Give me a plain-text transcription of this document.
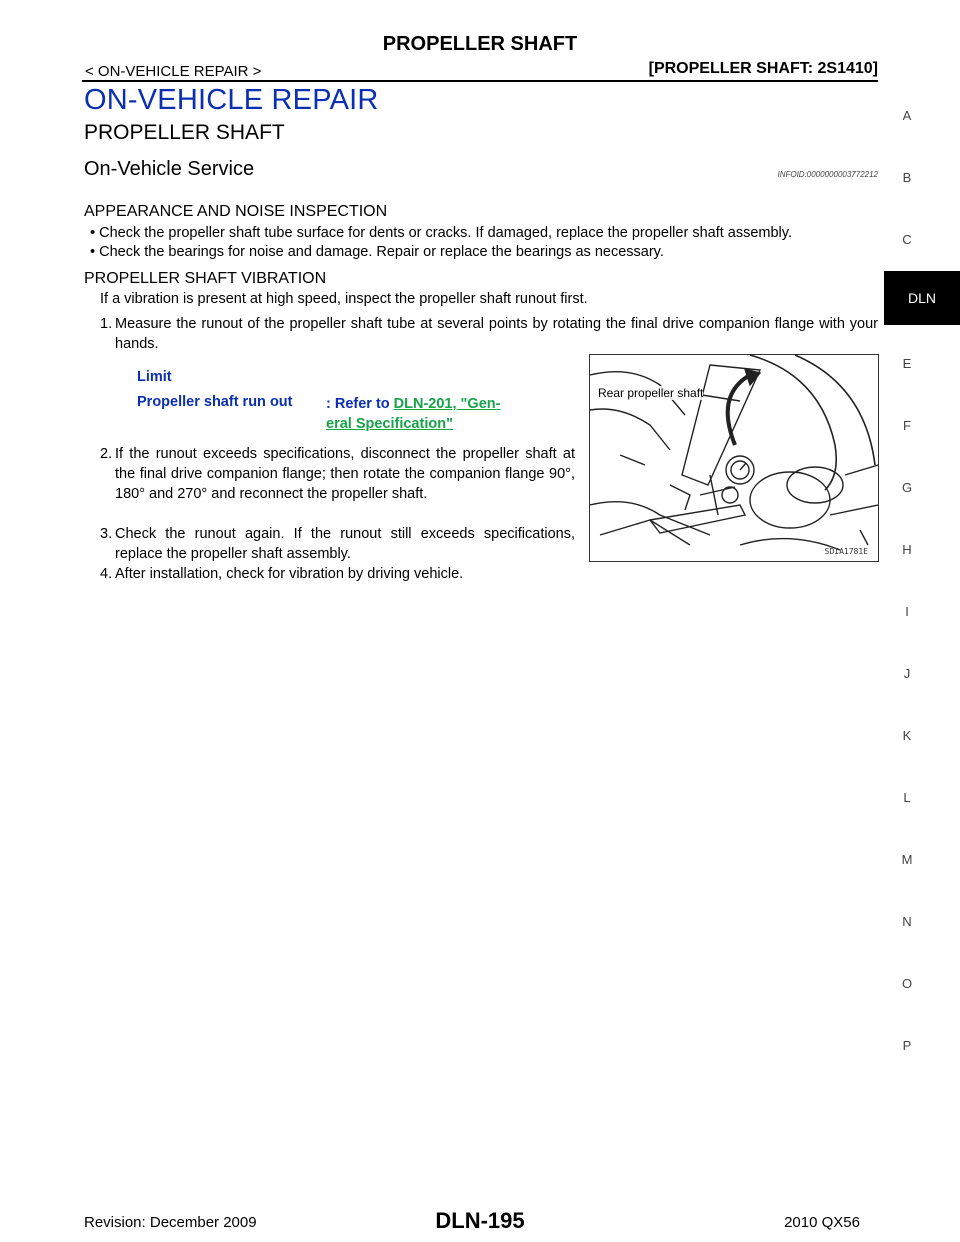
PROPELLER SHAFT
< ON-VEHICLE REPAIR >	[PROPELLER SHAFT: 2S1410]
ON-VEHICLE REPAIR
PROPELLER SHAFT
On-Vehicle Service	INFOID:0000000003772212
APPEARANCE AND NOISE INSPECTION
• Check the propeller shaft tube surface for dents or cracks. If damaged, replace the propeller shaft assembly.
• Check the bearings for noise and damage. Repair or replace the bearings as necessary.
PROPELLER SHAFT VIBRATION
If a vibration is present at high speed, inspect the propeller shaft runout first.
1. Measure the runout of the propeller shaft tube at several points by rotating the final drive companion flange with your hands.
Limit
Propeller shaft run out : Refer to DLN-201, "Gen-
eral Specification"
2. If the runout exceeds specifications, disconnect the propeller shaft at the final drive companion flange; then rotate the companion flange 90°, 180° and 270° and reconnect the propeller shaft.
3. Check the runout again. If the runout still exceeds specifications, replace the propeller shaft assembly.
4. After installation, check for vibration by driving vehicle.
Rear propeller shaft
SDIA1781E
A
B
C
DLN
E
F
G
H
I
J
K
L
M
N
O
P
DLN-195
Revision: December 2009	2010 QX56
